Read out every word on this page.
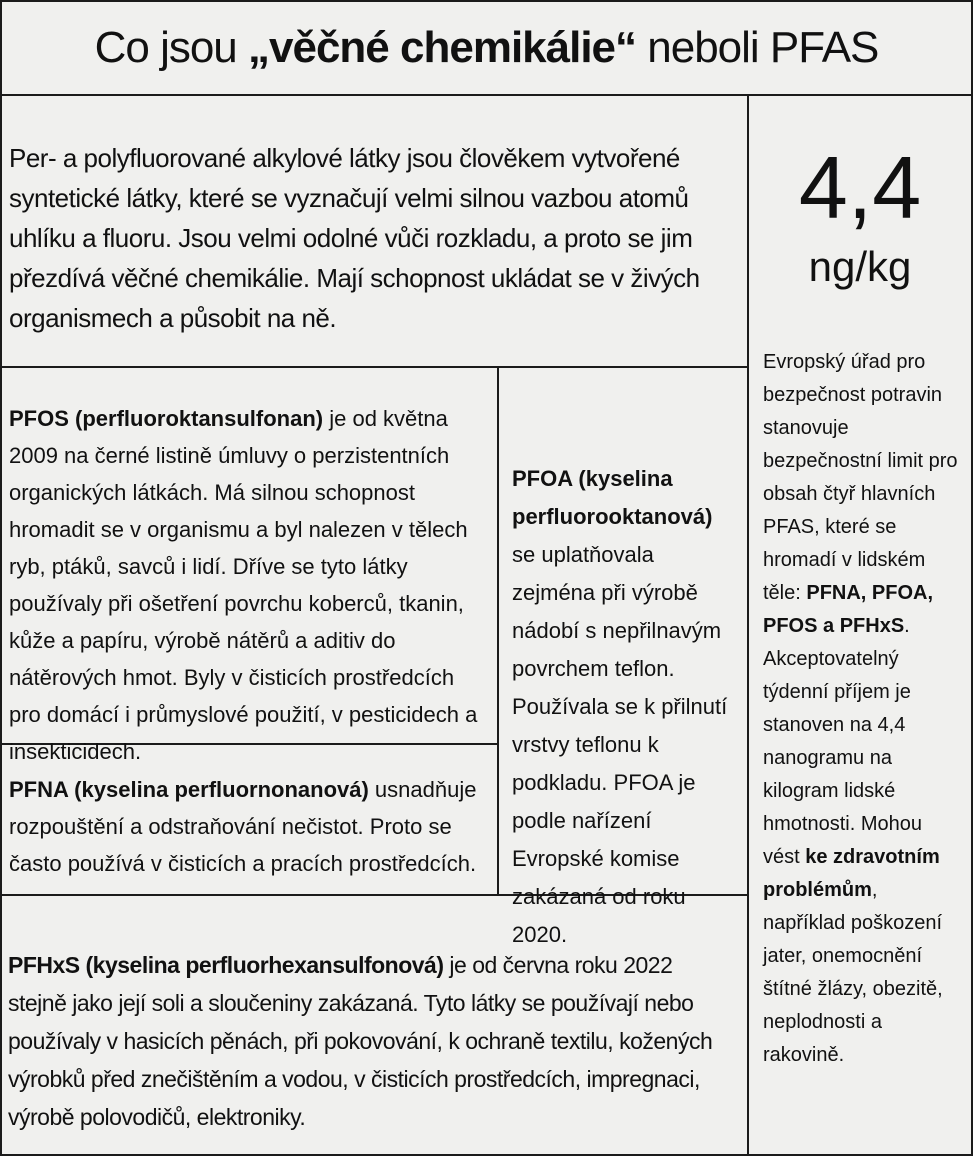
Co jsou „věčné chemikálie“ neboli PFAS
Per- a polyfluorované alkylové látky jsou člověkem vytvořené syntetické látky, které se vyznačují velmi silnou vazbou atomů uhlíku a fluoru. Jsou velmi odolné vůči rozkladu, a proto se jim přezdívá věčné chemikálie. Mají schopnost ukládat se v živých organismech a působit na ně.
PFOS (perfluoroktansulfonan) je od května 2009 na černé listině úmluvy o perzistentních organických látkách. Má silnou schopnost hromadit se v organismu a byl nalezen v tělech ryb, ptáků, savců i lidí. Dříve se tyto látky používaly při ošetření povrchu koberců, tkanin, kůže a papíru, výrobě nátěrů a aditiv do nátěrových hmot. Byly v čisticích prostředcích pro domácí i průmyslové použití, v pesticidech a insekticidech.
PFNA (kyselina perfluornonanová) usnadňuje rozpouštění a odstraňování nečistot. Proto se často používá v čisticích a pracích prostředcích.
PFOA (kyselina perfluorooktanová) se uplatňovala zejména při výrobě nádobí s nepřilnavým povrchem teflon. Používala se k přilnutí vrstvy teflonu k podkladu. PFOA je podle nařízení Evropské komise zakázaná od roku 2020.
PFHxS (kyselina perfluorhexansulfonová) je od června roku 2022 stejně jako její soli a sloučeniny zakázaná. Tyto látky se používají nebo používaly v hasicích pěnách, při pokovování, k ochraně textilu, kožených výrobků před znečištěním a vodou, v čisticích prostředcích, impregnaci, výrobě polovodičů, elektroniky.
4,4
ng/kg
Evropský úřad pro bezpečnost potravin stanovuje bezpečnostní limit pro obsah čtyř hlavních PFAS, které se hromadí v lidském těle: PFNA, PFOA, PFOS a PFHxS. Akceptovatelný týdenní příjem je stanoven na 4,4 nanogramu na kilogram lidské hmotnosti. Mohou vést ke zdravotním problémům, například poškození jater, onemocnění štítné žlázy, obezitě, neplodnosti a rakovině.
